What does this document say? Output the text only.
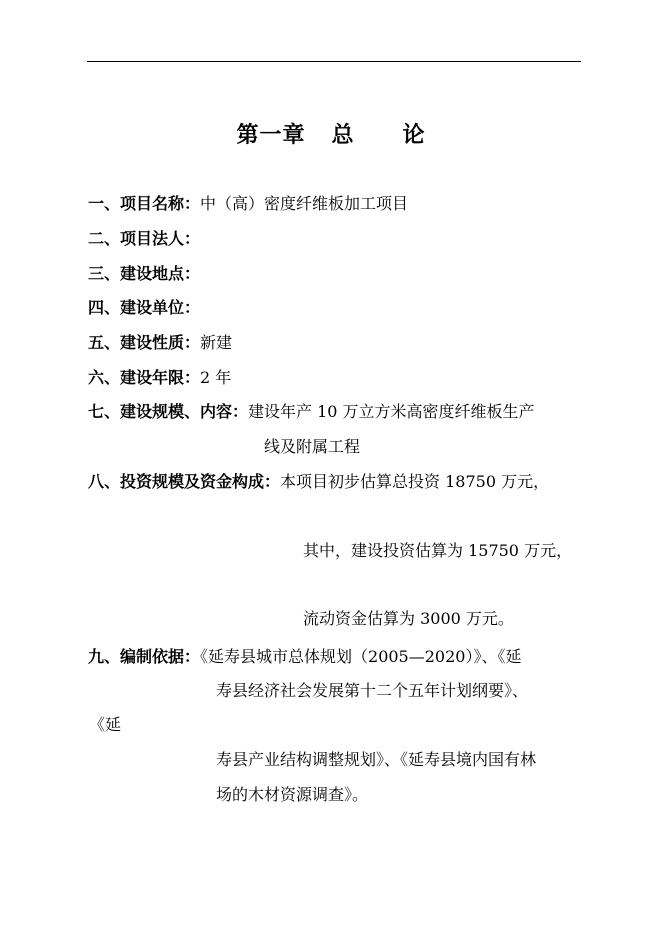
第一章 总 论
一、项目名称：中（高）密度纤维板加工项目
二、项目法人：
三、建设地点：
四、建设单位：
五、建设性质：新建
六、建设年限：2 年
七、建设规模、内容：建设年产 10 万立方米高密度纤维板生产
线及附属工程
八、投资规模及资金构成：本项目初步估算总投资 18750 万元，
其中，建设投资估算为 15750 万元，
流动资金估算为 3000 万元。
九、编制依据：《延寿县城市总体规划（2005—2020）》、《延
寿县经济社会发展第十二个五年计划纲要》、
《延
寿县产业结构调整规划》、《延寿县境内国有林
场的木材资源调查》。
